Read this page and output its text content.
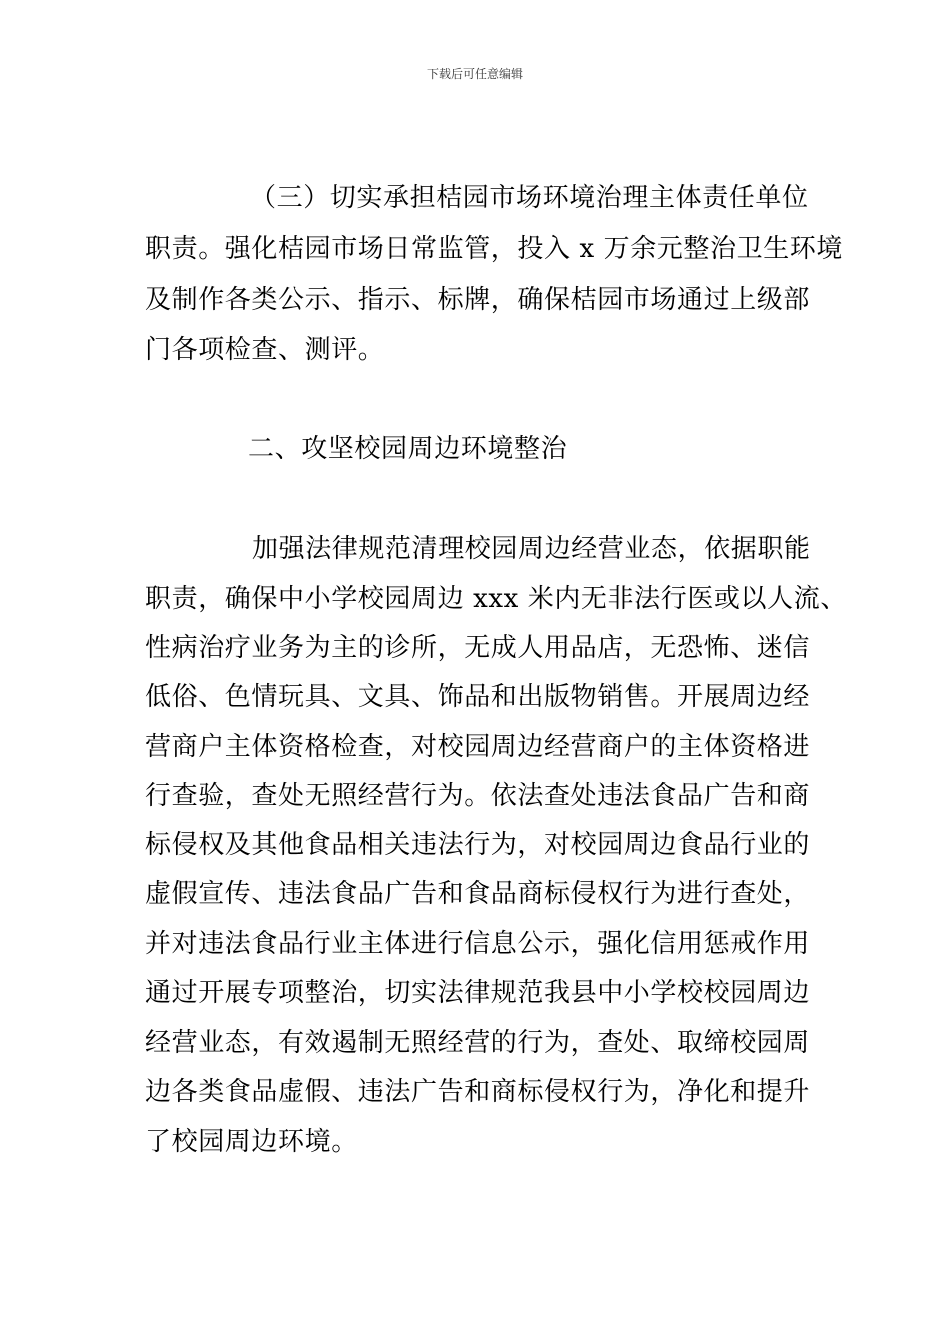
下载后可任意编辑
（三）切实承担桔园市场环境治理主体责任单位
职责。强化桔园市场日常监管，投入 x 万余元整治卫生环境
及制作各类公示、指示、标牌，确保桔园市场通过上级部
门各项检查、测评。
二、攻坚校园周边环境整治
加强法律规范清理校园周边经营业态，依据职能
职责，确保中小学校园周边 xxx 米内无非法行医或以人流、
性病治疗业务为主的诊所，无成人用品店，无恐怖、迷信
低俗、色情玩具、文具、饰品和出版物销售。开展周边经
营商户主体资格检查，对校园周边经营商户的主体资格进
行查验，查处无照经营行为。依法查处违法食品广告和商
标侵权及其他食品相关违法行为，对校园周边食品行业的
虚假宣传、违法食品广告和食品商标侵权行为进行查处，
并对违法食品行业主体进行信息公示，强化信用惩戒作用
通过开展专项整治，切实法律规范我县中小学校校园周边
经营业态，有效遏制无照经营的行为，查处、取缔校园周
边各类食品虚假、违法广告和商标侵权行为，净化和提升
了校园周边环境。
